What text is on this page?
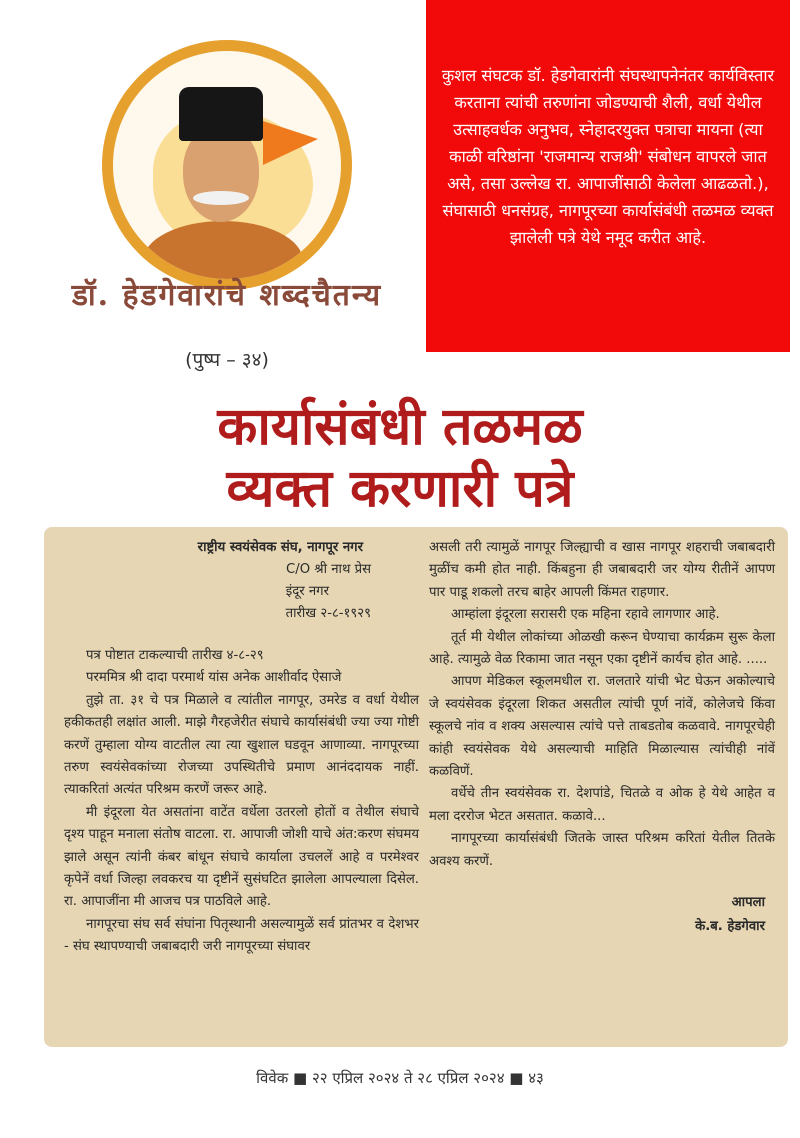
डॉ. हेडगेवारांचे शब्दचैतन्य
(पुष्प – ३४)
कुशल संघटक डॉ. हेडगेवारांनी संघस्थापनेनंतर कार्यविस्तार करताना त्यांची तरुणांना जोडण्याची शैली, वर्धा येथील उत्साहवर्धक अनुभव, स्नेहादरयुक्त पत्राचा मायना (त्या काळी वरिष्ठांना 'राजमान्य राजश्री' संबोधन वापरले जात असे, तसा उल्लेख रा. आपाजींसाठी केलेला आढळतो.), संघासाठी धनसंग्रह, नागपूरच्या कार्यासंबंधी तळमळ व्यक्त झालेली पत्रे येथे नमूद करीत आहे.
कार्यासंबंधी तळमळ
व्यक्त करणारी पत्रे
राष्ट्रीय स्वयंसेवक संघ, नागपूर नगर
C/O श्री नाथ प्रेस
इंदूर नगर
तारीख २-८-१९२९

पत्र पोष्टात टाकल्याची तारीख ४-८-२९

परममित्र श्री दादा परमार्थ यांस अनेक आशीर्वाद ऐसाजे

तुझे ता. ३१ चे पत्र मिळाले व त्यांतील नागपूर, उमरेड व वर्धा येथील हकीकतही लक्षांत आली. माझे गैरहजेरीत संघाचे कार्यासंबंधी ज्या ज्या गोष्टी करणें तुम्हाला योग्य वाटतील त्या त्या खुशाल घडवून आणाव्या. नागपूरच्या तरुण स्वयंसेवकांच्या रोजच्या उपस्थितीचे प्रमाण आनंददायक नाहीं. त्याकरितां अत्यंत परिश्रम करणें जरूर आहे.

मी इंदूरला येत असतांना वाटेंत वर्धेला उतरलो होतों व तेथील संघाचे दृश्य पाहून मनाला संतोष वाटला. रा. आपाजी जोशी याचे अंत:करण संघमय झाले असून त्यांनी कंबर बांधून संघाचे कार्याला उचललें आहे व परमेश्वर कृपेनें वर्धा जिल्हा लवकरच या दृष्टीनें सुसंघटित झालेला आपल्याला दिसेल. रा. आपाजींना मी आजच पत्र पाठविले आहे.

नागपूरचा संघ सर्व संघांना पितृस्थानी असल्यामुळें सर्व प्रांतभर व देशभर - संघ स्थापण्याची जबाबदारी जरी नागपूरच्या संघावर

असली तरी त्यामुळें नागपूर जिल्ह्याची व खास नागपूर शहराची जबाबदारी मुळींच कमी होत नाही. किंबहुना ही जबाबदारी जर योग्य रीतीनें आपण पार पाडू शकलो तरच बाहेर आपली किंमत राहणार.

आम्हांला इंदूरला सरासरी एक महिना रहावे लागणार आहे.

तूर्त मी येथील लोकांच्या ओळखी करून घेण्याचा कार्यक्रम सुरू केला आहे. त्यामुळे वेळ रिकामा जात नसून एका दृष्टीनें कार्यच होत आहे. .....

आपण मेडिकल स्कूलमधील रा. जलतारे यांची भेट घेऊन अकोल्याचे जे स्वयंसेवक इंदूरला शिकत असतील त्यांची पूर्ण नांवें, कोलेजचे किंवा स्कूलचे नांव व शक्य असल्यास त्यांचे पत्ते ताबडतोब कळवावे. नागपूरचेही कांही स्वयंसेवक येथे असल्याची माहिति मिळाल्यास त्यांचीही नांवें कळविणें.

वर्धेचे तीन स्वयंसेवक रा. देशपांडे, चितळे व ओक हे येथे आहेत व मला दररोज भेटत असतात. कळावे...

नागपूरच्या कार्यासंबंधी जितके जास्त परिश्रम करितां येतील तितके अवश्य करणें.

आपला
के.ब. हेडगेवार
विवेक ■ २२ एप्रिल २०२४ ते २८ एप्रिल २०२४ ■ ४३
